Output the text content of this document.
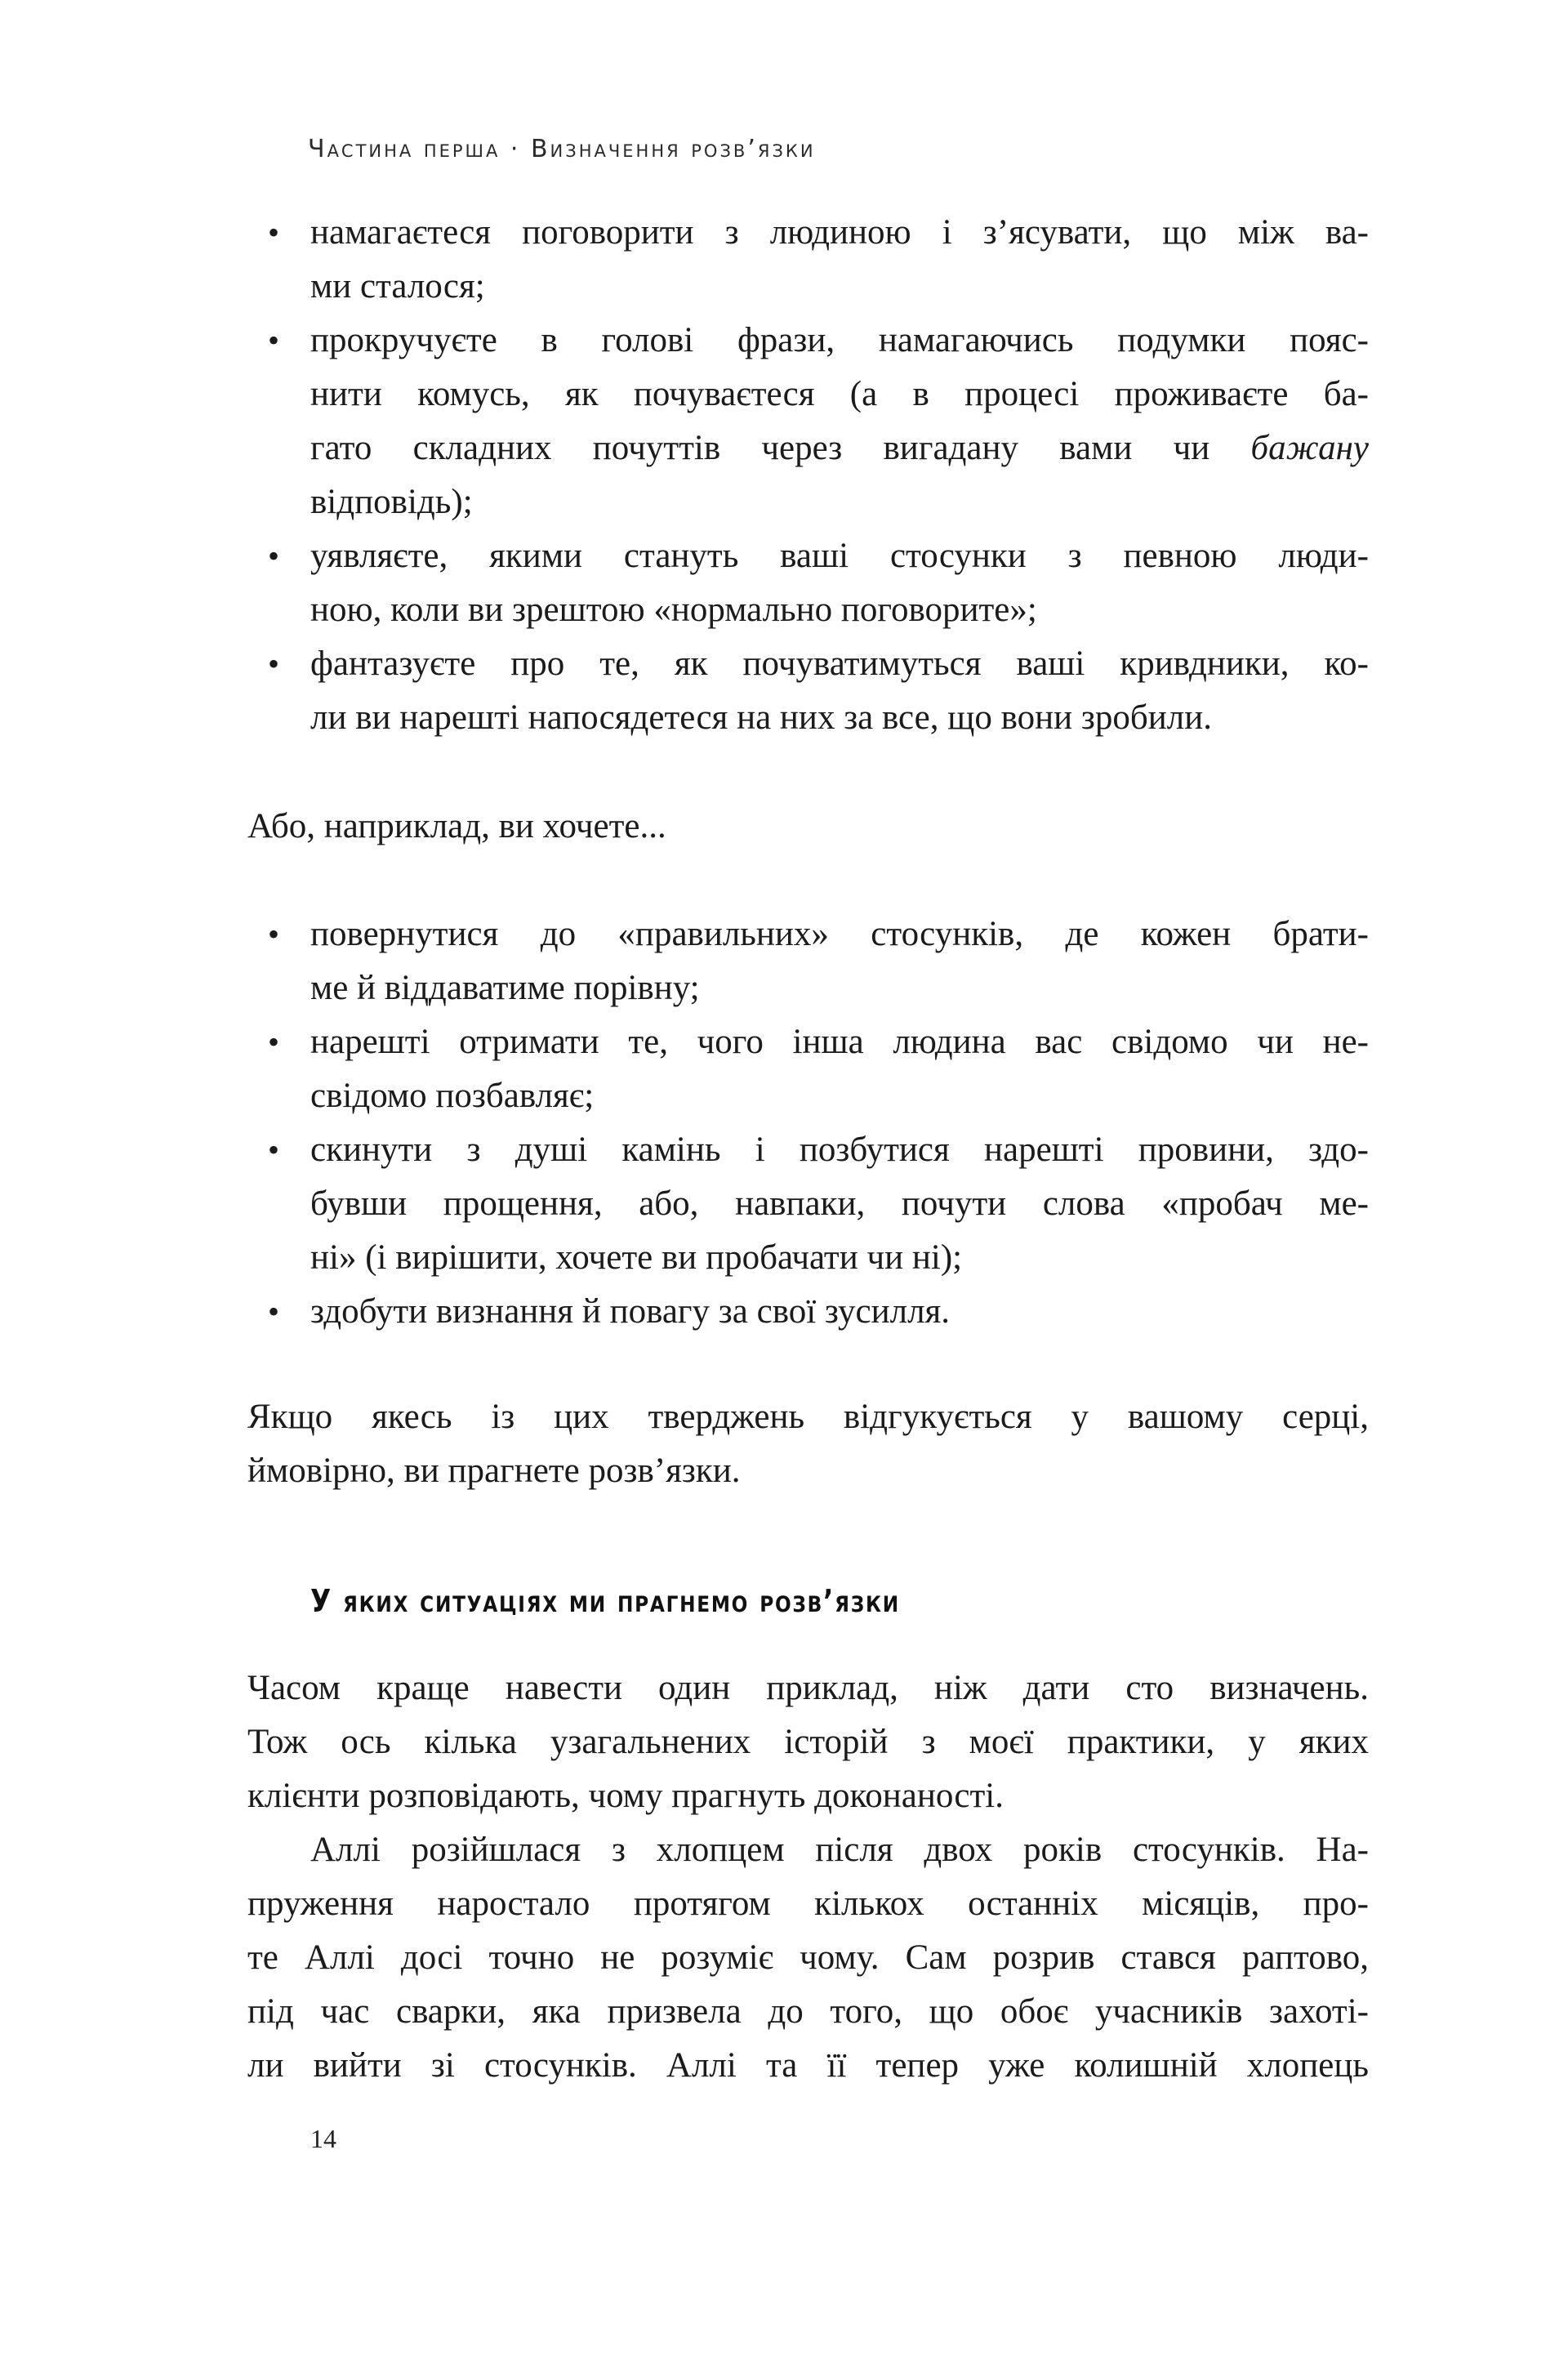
Частина перша · Визначення розв’язки
• намагаєтеся поговорити з людиною і з’ясувати, що між ва-
ми сталося;
• прокручуєте в голові фрази, намагаючись подумки пояс-
нити комусь, як почуваєтеся (а в процесі проживаєте ба-
гато складних почуттів через вигадану вами чи бажану
відповідь);
• уявляєте, якими стануть ваші стосунки з певною люди-
ною, коли ви зрештою «нормально поговорите»;
• фантазуєте про те, як почуватимуться ваші кривдники, ко-
ли ви нарешті напосядетеся на них за все, що вони зробили.
Або, наприклад, ви хочете...
• повернутися до «правильних» стосунків, де кожен брати-
ме й віддаватиме порівну;
• нарешті отримати те, чого інша людина вас свідомо чи не-
свідомо позбавляє;
• скинути з душі камінь і позбутися нарешті провини, здо-
бувши прощення, або, навпаки, почути слова «пробач ме-
ні» (і вирішити, хочете ви пробачати чи ні);
• здобути визнання й повагу за свої зусилля.
Якщо якесь із цих тверджень відгукується у вашому серці,
ймовірно, ви прагнете розв’язки.
У яких ситуаціях ми прагнемо розв’язки
Часом краще навести один приклад, ніж дати сто визначень.
Тож ось кілька узагальнених історій з моєї практики, у яких
клієнти розповідають, чому прагнуть доконаності.
Аллі розійшлася з хлопцем після двох років стосунків. На-
пруження наростало протягом кількох останніх місяців, про-
те Аллі досі точно не розуміє чому. Сам розрив стався раптово,
під час сварки, яка призвела до того, що обоє учасників захоті-
ли вийти зі стосунків. Аллі та її тепер уже колишній хлопець
14
